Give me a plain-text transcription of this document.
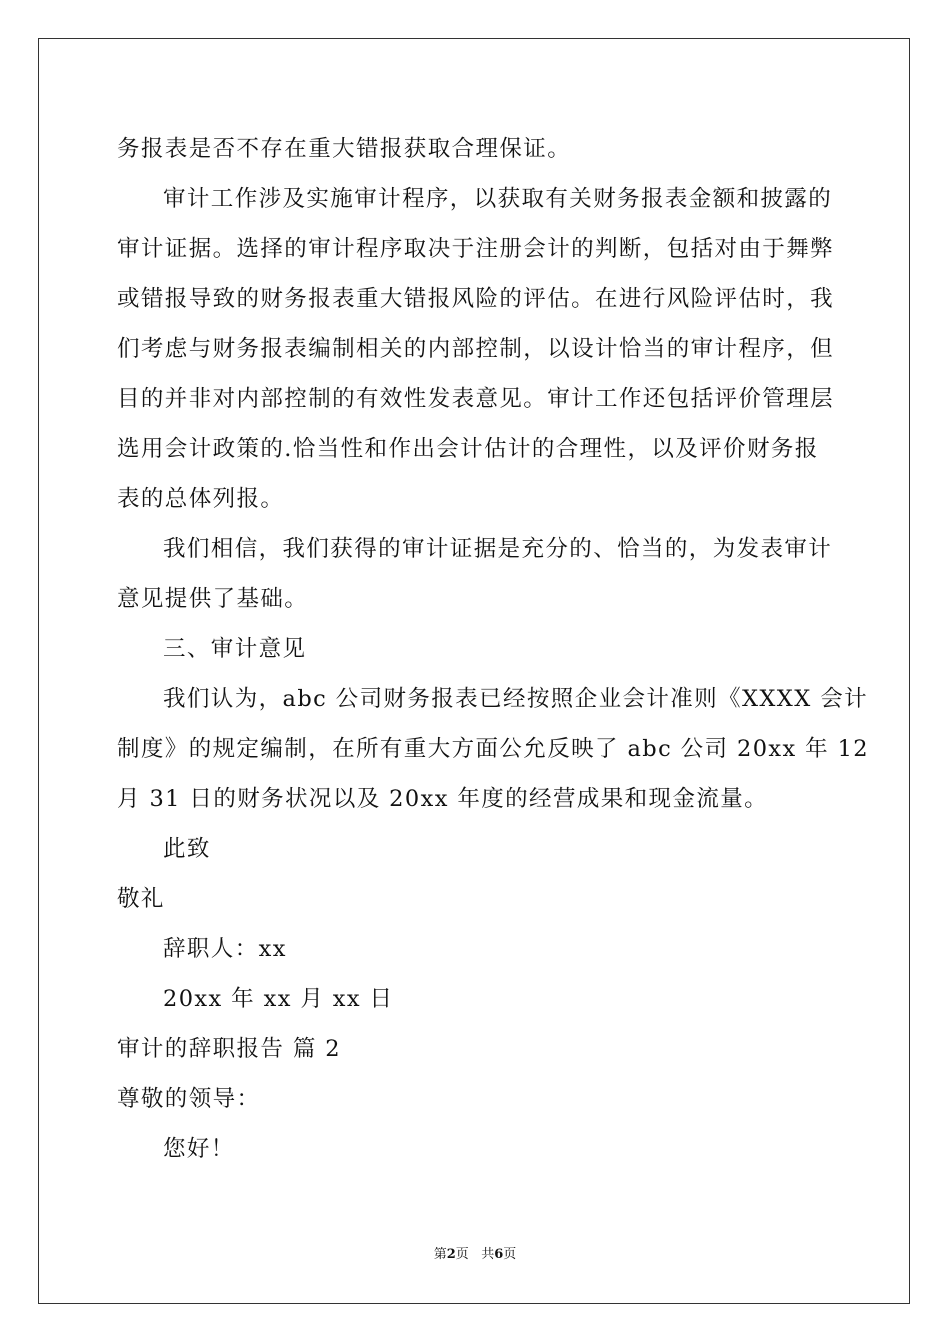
务报表是否不存在重大错报获取合理保证。
审计工作涉及实施审计程序，以获取有关财务报表金额和披露的
审计证据。选择的审计程序取决于注册会计的判断，包括对由于舞弊
或错报导致的财务报表重大错报风险的评估。在进行风险评估时，我
们考虑与财务报表编制相关的内部控制，以设计恰当的审计程序，但
目的并非对内部控制的有效性发表意见。审计工作还包括评价管理层
选用会计政策的.恰当性和作出会计估计的合理性，以及评价财务报
表的总体列报。
我们相信，我们获得的审计证据是充分的、恰当的，为发表审计
意见提供了基础。
三、审计意见
我们认为，abc 公司财务报表已经按照企业会计准则《XXXX 会计
制度》的规定编制，在所有重大方面公允反映了 abc 公司 20xx 年 12
月 31 日的财务状况以及 20xx 年度的经营成果和现金流量。
此致
敬礼
辞职人：xx
20xx 年 xx 月 xx 日
审计的辞职报告 篇 2
尊敬的领导：
您好！
第2页 共6页
